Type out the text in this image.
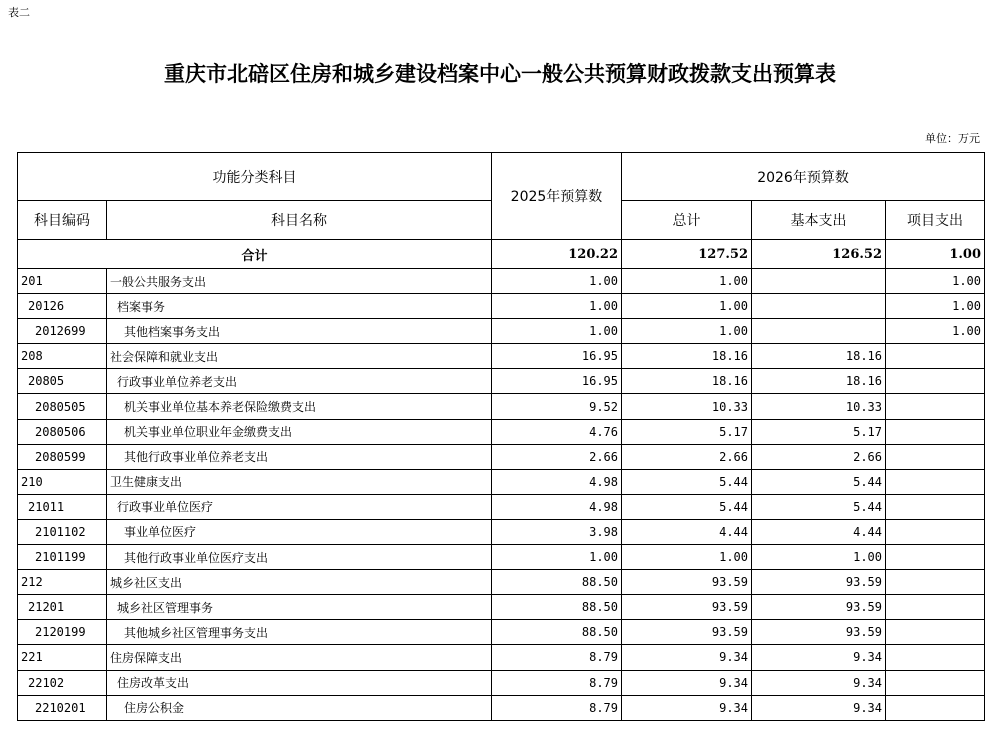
表二
重庆市北碚区住房和城乡建设档案中心一般公共预算财政拨款支出预算表
单位：万元
功能分类科目		2025年预算数	2026年预算数		
科目编码	科目名称		总计	基本支出	项目支出
合计		120.22	127.52	126.52	1.00
201	一般公共服务支出	1.00	1.00		1.00
20126	档案事务	1.00	1.00		1.00
2012699	其他档案事务支出	1.00	1.00		1.00
208	社会保障和就业支出	16.95	18.16	18.16	
20805	行政事业单位养老支出	16.95	18.16	18.16	
2080505	机关事业单位基本养老保险缴费支出	9.52	10.33	10.33	
2080506	机关事业单位职业年金缴费支出	4.76	5.17	5.17	
2080599	其他行政事业单位养老支出	2.66	2.66	2.66	
210	卫生健康支出	4.98	5.44	5.44	
21011	行政事业单位医疗	4.98	5.44	5.44	
2101102	事业单位医疗	3.98	4.44	4.44	
2101199	其他行政事业单位医疗支出	1.00	1.00	1.00	
212	城乡社区支出	88.50	93.59	93.59	
21201	城乡社区管理事务	88.50	93.59	93.59	
2120199	其他城乡社区管理事务支出	88.50	93.59	93.59	
221	住房保障支出	8.79	9.34	9.34	
22102	住房改革支出	8.79	9.34	9.34	
2210201	住房公积金	8.79	9.34	9.34	
